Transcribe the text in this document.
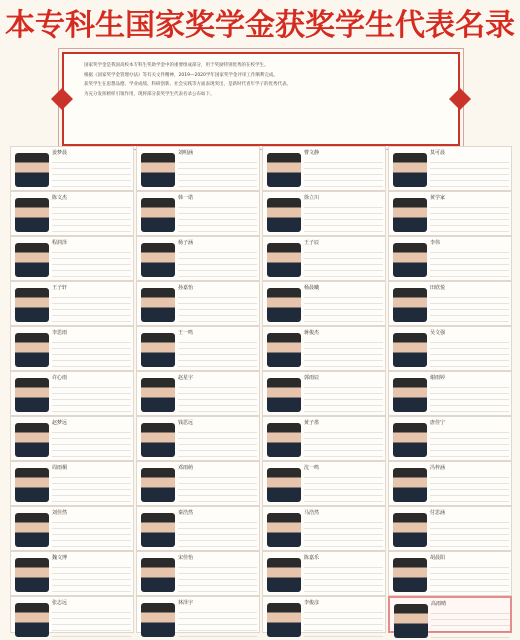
本专科生国家奖学金获奖学生代表名录

国家奖学金是我国高校本专科生奖助学金中的重要组成部分，用于奖励特别优秀的在校学生。

根据《国家奖学金管理办法》等有关文件精神，2019—2020学年国家奖学金评审工作顺利完成。

获奖学生在思想品德、学业成绩、科研创新、社会实践等方面表现突出，是新时代青年学子的优秀代表。

为充分发挥榜样引领作用，现将部分获奖学生代表名录公布如下。

姜梦晨
陈文杰
程润泽
王子轩
李思雨
许心雨
赵梦远
周雨桐
刘佳然
魏文博
张志远
刘明涵
韩一诺
杨子涵
孙嘉怡
王一鸣
赵星宇
钱思远
邓雨萌
秦浩然
宋佳怡
林泽宇
曹文静
徐立川
王子辰
杨晨曦
蒋俊杰
郭雨辰
黄子墨
沈一鸣
马浩然
陈嘉乐
李俊彦
莫可晨
黄学家
李伟
田欣悦
吴文强
谢雨婷
唐佳宁
冯梓涵
付思涵
胡晨阳
高雨晴
